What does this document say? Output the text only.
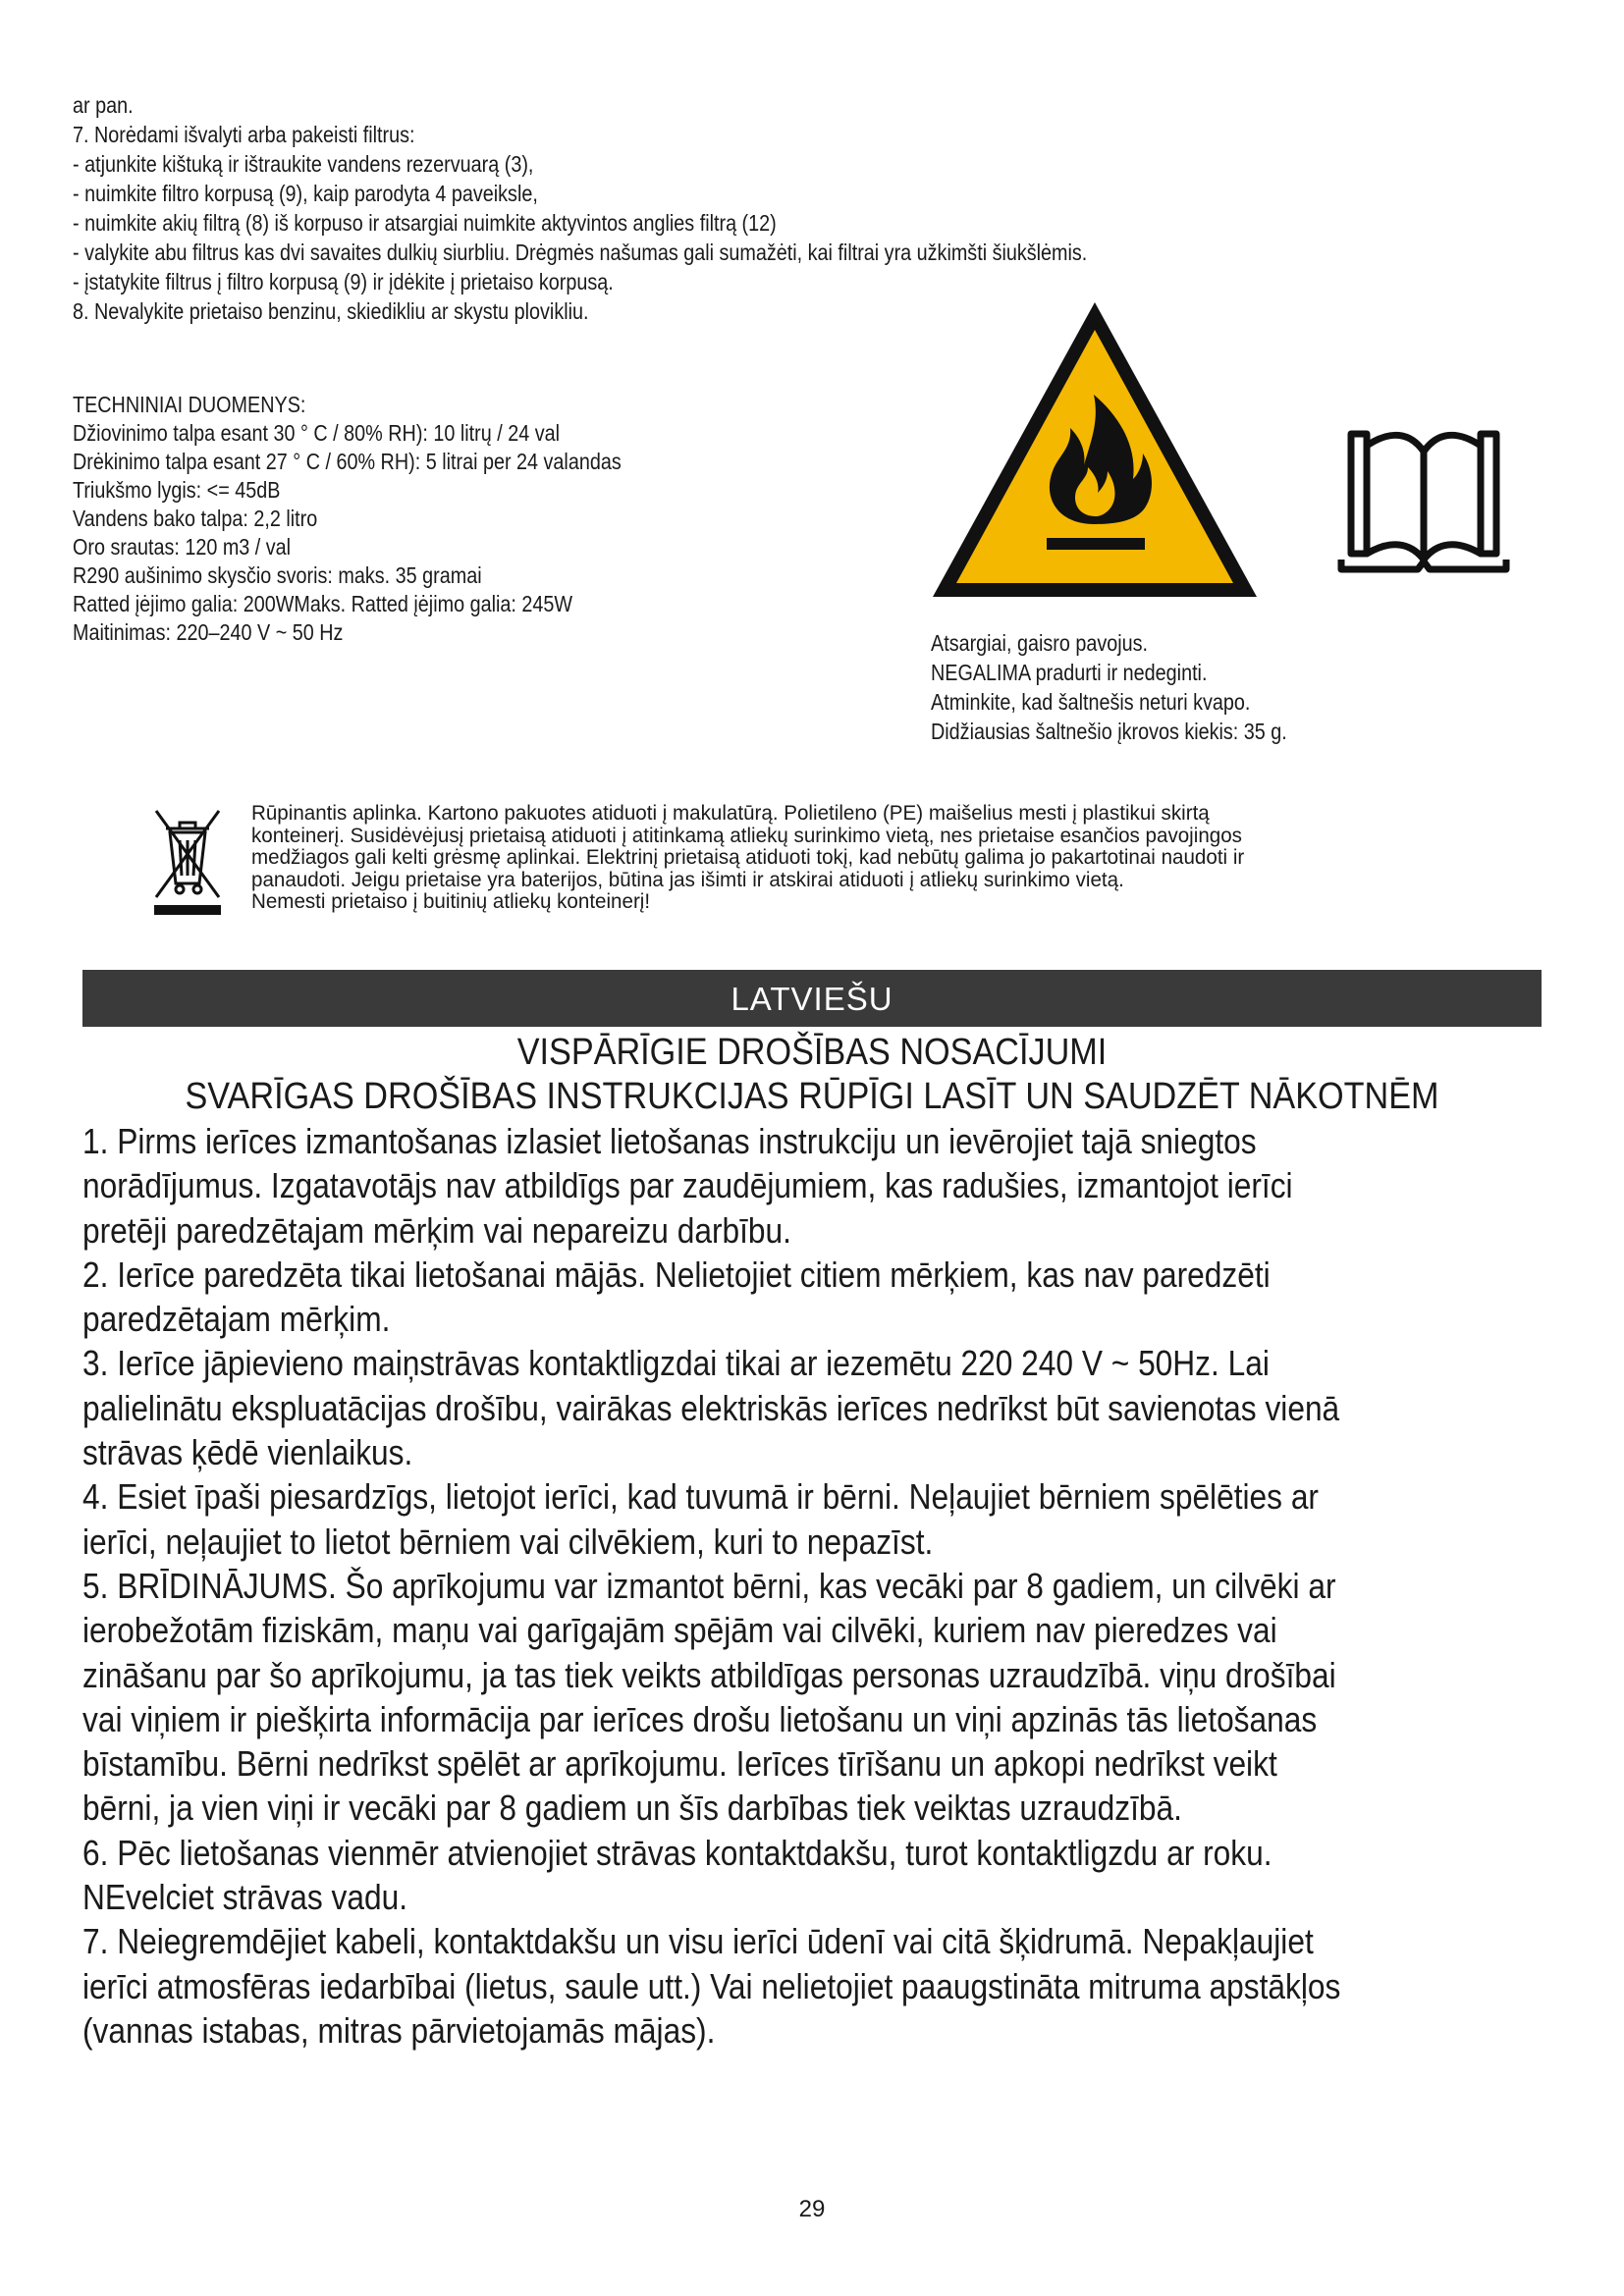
ar pan.
7. Norėdami išvalyti arba pakeisti filtrus:
- atjunkite kištuką ir ištraukite vandens rezervuarą (3),
- nuimkite filtro korpusą (9), kaip parodyta 4 paveiksle,
- nuimkite akių filtrą (8) iš korpuso ir atsargiai nuimkite aktyvintos anglies filtrą (12)
- valykite abu filtrus kas dvi savaites dulkių siurbliu. Drėgmės našumas gali sumažėti, kai filtrai yra užkimšti šiukšlėmis.
- įstatykite filtrus į filtro korpusą (9) ir įdėkite į prietaiso korpusą.
8. Nevalykite prietaiso benzinu, skiedikliu ar skystu plovikliu.
TECHNINIAI DUOMENYS:
Džiovinimo talpa esant 30 ° C / 80% RH): 10 litrų / 24 val
Drėkinimo talpa esant 27 ° C / 60% RH): 5 litrai per 24 valandas
Triukšmo lygis: <= 45dB
Vandens bako talpa: 2,2 litro
Oro srautas: 120 m3 / val
R290 aušinimo skysčio svoris: maks. 35 gramai
Ratted įėjimo galia: 200WMaks. Ratted įėjimo galia: 245W
Maitinimas: 220–240 V ~ 50 Hz	Atsargiai, gaisro pavojus.
NEGALIMA pradurti ir nedeginti.
Atminkite, kad šaltnešis neturi kvapo.
Didžiausias šaltnešio įkrovos kiekis: 35 g.
Rūpinantis aplinka. Kartono pakuotes atiduoti į makulatūrą. Polietileno (PE) maišelius mesti į plastikui skirtą
konteinerį. Susidėvėjusį prietaisą atiduoti į atitinkamą atliekų surinkimo vietą, nes prietaise esančios pavojingos
medžiagos gali kelti grėsmę aplinkai. Elektrinį prietaisą atiduoti tokį, kad nebūtų galima jo pakartotinai naudoti ir
panaudoti. Jeigu prietaise yra baterijos, būtina jas išimti ir atskirai atiduoti į atliekų surinkimo vietą.
Nemesti prietaiso į buitinių atliekų konteinerį!
LATVIEŠU
VISPĀRĪGIE DROŠĪBAS NOSACĪJUMI
SVARĪGAS DROŠĪBAS INSTRUKCIJAS RŪPĪGI LASĪT UN SAUDZĒT NĀKOTNĒM
1. Pirms ierīces izmantošanas izlasiet lietošanas instrukciju un ievērojiet tajā sniegtos
norādījumus. Izgatavotājs nav atbildīgs par zaudējumiem, kas radušies, izmantojot ierīci
pretēji paredzētajam mērķim vai nepareizu darbību.
2. Ierīce paredzēta tikai lietošanai mājās. Nelietojiet citiem mērķiem, kas nav paredzēti
paredzētajam mērķim.
3. Ierīce jāpievieno maiņstrāvas kontaktligzdai tikai ar iezemētu 220 240 V ~ 50Hz. Lai
palielinātu ekspluatācijas drošību, vairākas elektriskās ierīces nedrīkst būt savienotas vienā
strāvas ķēdē vienlaikus.
4. Esiet īpaši piesardzīgs, lietojot ierīci, kad tuvumā ir bērni. Neļaujiet bērniem spēlēties ar
ierīci, neļaujiet to lietot bērniem vai cilvēkiem, kuri to nepazīst.
5. BRĪDINĀJUMS. Šo aprīkojumu var izmantot bērni, kas vecāki par 8 gadiem, un cilvēki ar
ierobežotām fiziskām, maņu vai garīgajām spējām vai cilvēki, kuriem nav pieredzes vai
zināšanu par šo aprīkojumu, ja tas tiek veikts atbildīgas personas uzraudzībā. viņu drošībai
vai viņiem ir piešķirta informācija par ierīces drošu lietošanu un viņi apzinās tās lietošanas
bīstamību. Bērni nedrīkst spēlēt ar aprīkojumu. Ierīces tīrīšanu un apkopi nedrīkst veikt
bērni, ja vien viņi ir vecāki par 8 gadiem un šīs darbības tiek veiktas uzraudzībā.
6. Pēc lietošanas vienmēr atvienojiet strāvas kontaktdakšu, turot kontaktligzdu ar roku.
NEvelciet strāvas vadu.
7. Neiegremdējiet kabeli, kontaktdakšu un visu ierīci ūdenī vai citā šķidrumā. Nepakļaujiet
ierīci atmosfēras iedarbībai (lietus, saule utt.) Vai nelietojiet paaugstināta mitruma apstākļos
(vannas istabas, mitras pārvietojamās mājas).
29
